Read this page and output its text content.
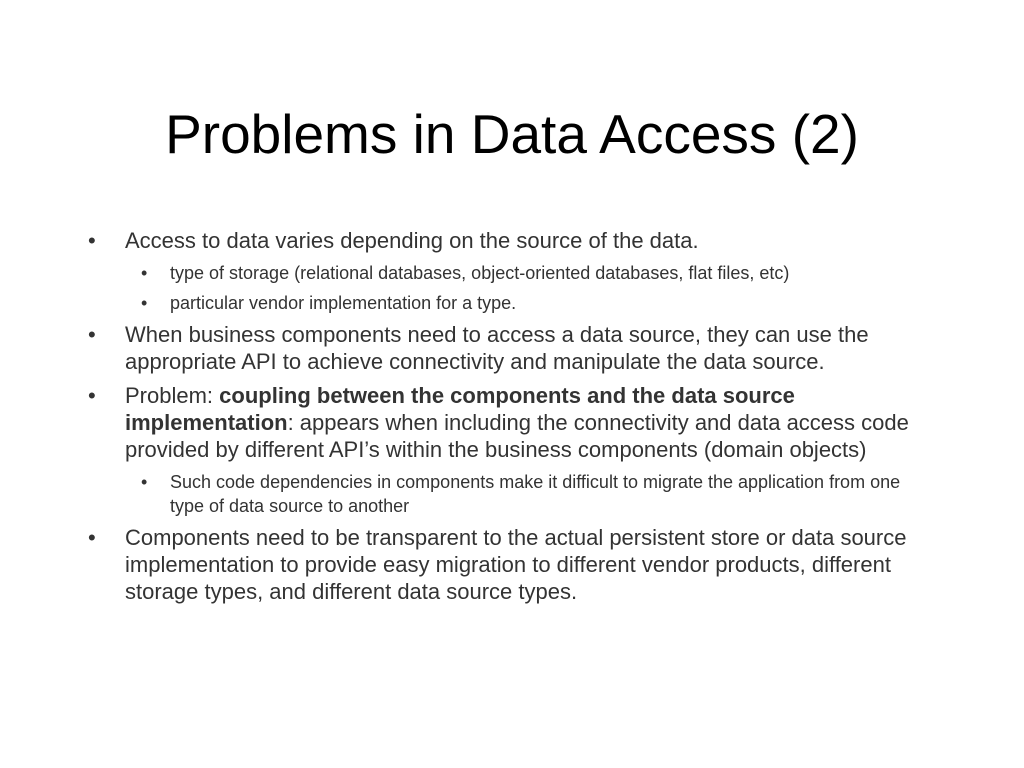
Problems in Data Access (2)
• Access to data varies depending on the source of the data.
• type of storage (relational databases, object-oriented databases, flat files, etc)
• particular vendor implementation for a type.
• When business components need to access a data source, they can use the appropriate API to achieve connectivity and manipulate the data source.
• Problem: coupling between the components and the data source implementation: appears when including the connectivity and data access code provided by different API’s within the business components (domain objects)
• Such code dependencies in components make it difficult to migrate the application from one type of data source to another
• Components need to be transparent to the actual persistent store or data source implementation to provide easy migration to different vendor products, different storage types, and different data source types.
